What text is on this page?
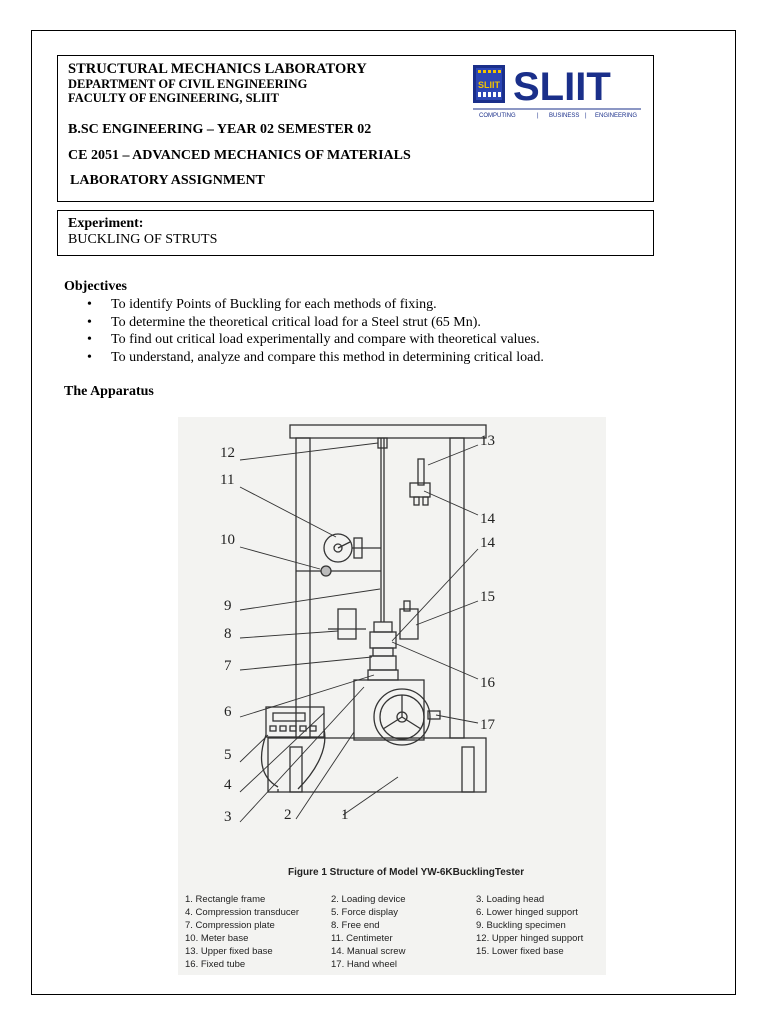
STRUCTURAL MECHANICS LABORATORY
DEPARTMENT OF CIVIL ENGINEERING
FACULTY OF ENGINEERING, SLIIT
B.SC ENGINEERING – YEAR 02 SEMESTER 02
CE 2051 – ADVANCED MECHANICS OF MATERIALS
LABORATORY ASSIGNMENT
SLIIT SLIIT
COMPUTING	| BUSINESS | ENGINEERING
Experiment:
BUCKLING OF STRUTS
Objectives
• To identify Points of Buckling for each methods of fixing.
• To determine the theoretical critical load for a Steel strut (65 Mn).
• To find out critical load experimentally and compare with theoretical values.
• To understand, analyze and compare this method in determining critical load.
The Apparatus
12
11
10
9
8
7
6
5
4
3	2	1
13
14
14
15
16
17
Figure 1 Structure of Model YW-6KBucklingTester
1. Rectangle frame	2. Loading device	3. Loading head
4. Compression transducer	5. Force display	6. Lower hinged support
7. Compression plate	8. Free end	9. Buckling specimen
10. Meter base	11. Centimeter	12. Upper hinged support
13. Upper fixed base	14. Manual screw	15. Lower fixed base
16. Fixed tube	17. Hand wheel
